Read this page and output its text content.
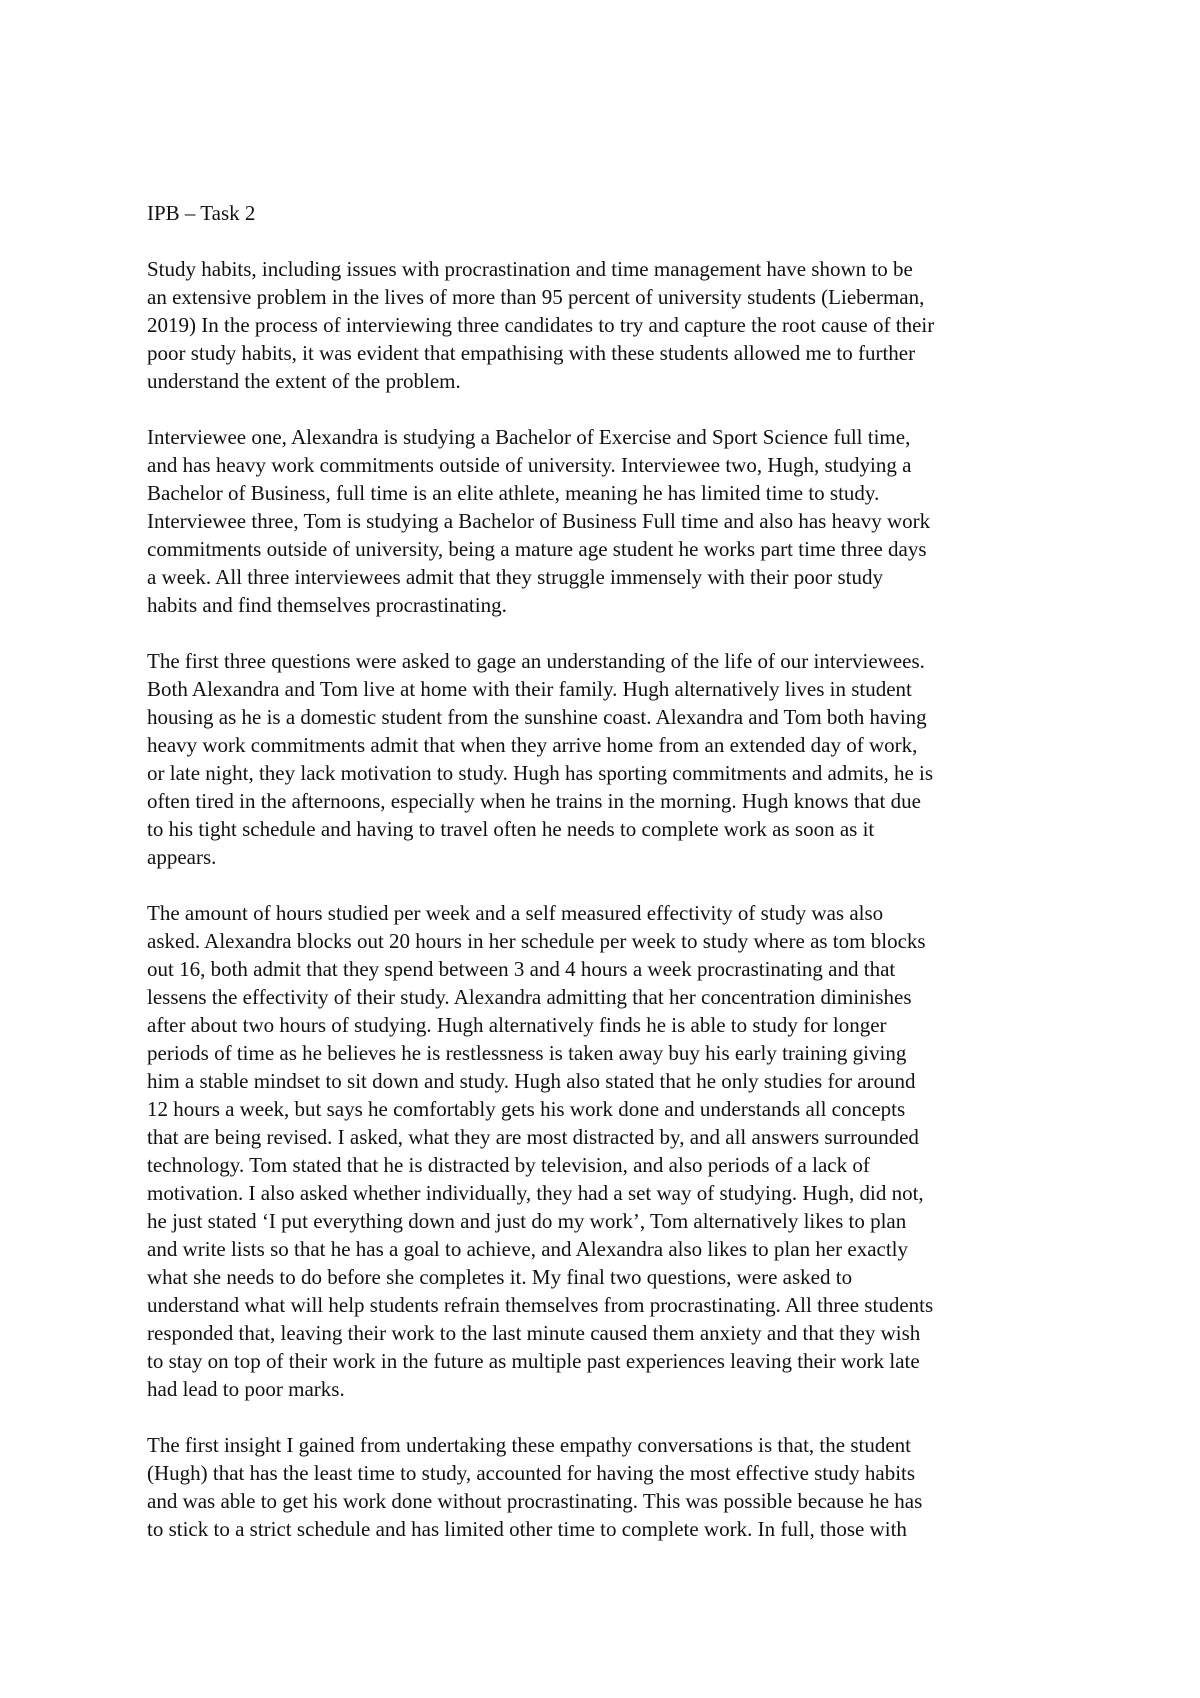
IPB – Task 2
Study habits, including issues with procrastination and time management have shown to be
an extensive problem in the lives of more than 95 percent of university students (Lieberman,
2019) In the process of interviewing three candidates to try and capture the root cause of their
poor study habits, it was evident that empathising with these students allowed me to further
understand the extent of the problem.
Interviewee one, Alexandra is studying a Bachelor of Exercise and Sport Science full time,
and has heavy work commitments outside of university. Interviewee two, Hugh, studying a
Bachelor of Business, full time is an elite athlete, meaning he has limited time to study.
Interviewee three, Tom is studying a Bachelor of Business Full time and also has heavy work
commitments outside of university, being a mature age student he works part time three days
a week. All three interviewees admit that they struggle immensely with their poor study
habits and find themselves procrastinating.
The first three questions were asked to gage an understanding of the life of our interviewees.
Both Alexandra and Tom live at home with their family. Hugh alternatively lives in student
housing as he is a domestic student from the sunshine coast. Alexandra and Tom both having
heavy work commitments admit that when they arrive home from an extended day of work,
or late night, they lack motivation to study. Hugh has sporting commitments and admits, he is
often tired in the afternoons, especially when he trains in the morning. Hugh knows that due
to his tight schedule and having to travel often he needs to complete work as soon as it
appears.
The amount of hours studied per week and a self measured effectivity of study was also
asked. Alexandra blocks out 20 hours in her schedule per week to study where as tom blocks
out 16, both admit that they spend between 3 and 4 hours a week procrastinating and that
lessens the effectivity of their study. Alexandra admitting that her concentration diminishes
after about two hours of studying. Hugh alternatively finds he is able to study for longer
periods of time as he believes he is restlessness is taken away buy his early training giving
him a stable mindset to sit down and study. Hugh also stated that he only studies for around
12 hours a week, but says he comfortably gets his work done and understands all concepts
that are being revised. I asked, what they are most distracted by, and all answers surrounded
technology. Tom stated that he is distracted by television, and also periods of a lack of
motivation. I also asked whether individually, they had a set way of studying. Hugh, did not,
he just stated ‘I put everything down and just do my work’, Tom alternatively likes to plan
and write lists so that he has a goal to achieve, and Alexandra also likes to plan her exactly
what she needs to do before she completes it. My final two questions, were asked to
understand what will help students refrain themselves from procrastinating. All three students
responded that, leaving their work to the last minute caused them anxiety and that they wish
to stay on top of their work in the future as multiple past experiences leaving their work late
had lead to poor marks.
The first insight I gained from undertaking these empathy conversations is that, the student
(Hugh) that has the least time to study, accounted for having the most effective study habits
and was able to get his work done without procrastinating. This was possible because he has
to stick to a strict schedule and has limited other time to complete work. In full, those with
